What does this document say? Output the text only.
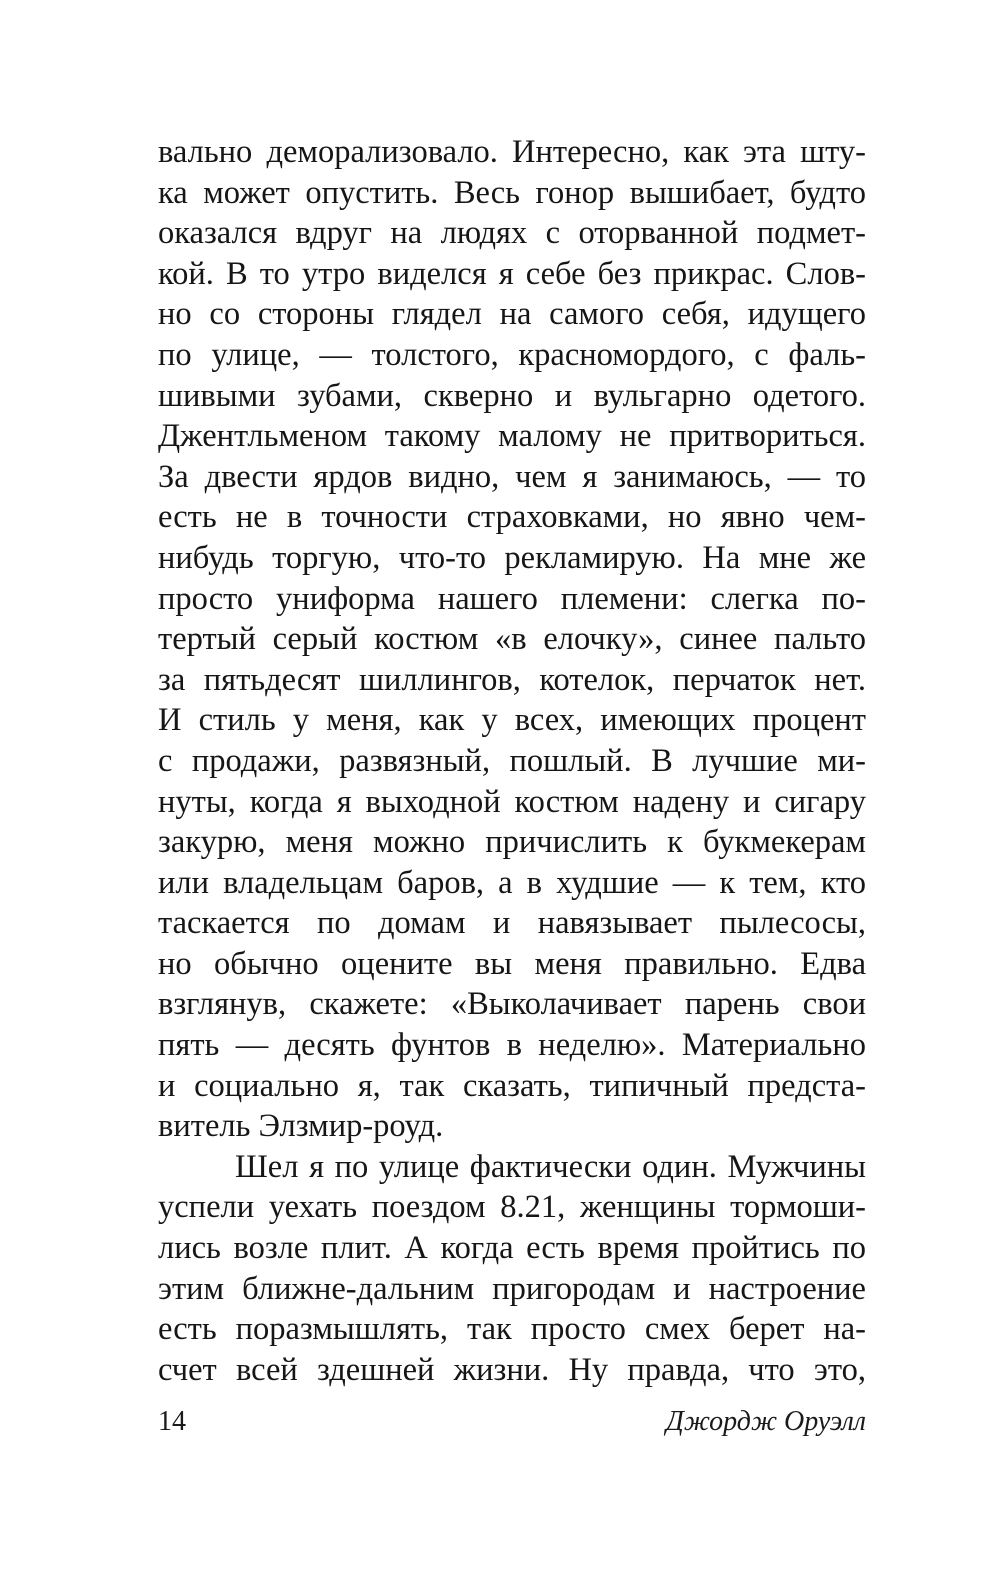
вально деморализовало. Интересно, как эта шту-
ка может опустить. Весь гонор вышибает, будто
оказался вдруг на людях с оторванной подмет-
кой. В то утро виделся я себе без прикрас. Слов-
но со стороны глядел на самого себя, идущего
по улице, — толстого, красномордого, с фаль-
шивыми зубами, скверно и вульгарно одетого.
Джентльменом такому малому не притвориться.
За двести ярдов видно, чем я занимаюсь, — то
есть не в точности страховками, но явно чем-
нибудь торгую, что-то рекламирую. На мне же
просто униформа нашего племени: слегка по-
тертый серый костюм «в елочку», синее пальто
за пятьдесят шиллингов, котелок, перчаток нет.
И стиль у меня, как у всех, имеющих процент
с продажи, развязный, пошлый. В лучшие ми-
нуты, когда я выходной костюм надену и сигару
закурю, меня можно причислить к букмекерам
или владельцам баров, а в худшие — к тем, кто
таскается по домам и навязывает пылесосы,
но обычно оцените вы меня правильно. Едва
взглянув, скажете: «Выколачивает парень свои
пять — десять фунтов в неделю». Материально
и социально я, так сказать, типичный предста-
витель Элзмир-роуд.
Шел я по улице фактически один. Мужчины
успели уехать поездом 8.21, женщины тормоши-
лись возле плит. А когда есть время пройтись по
этим ближне-дальним пригородам и настроение
есть поразмышлять, так просто смех берет на-
счет всей здешней жизни. Ну правда, что это,
14	Джордж Оруэлл
